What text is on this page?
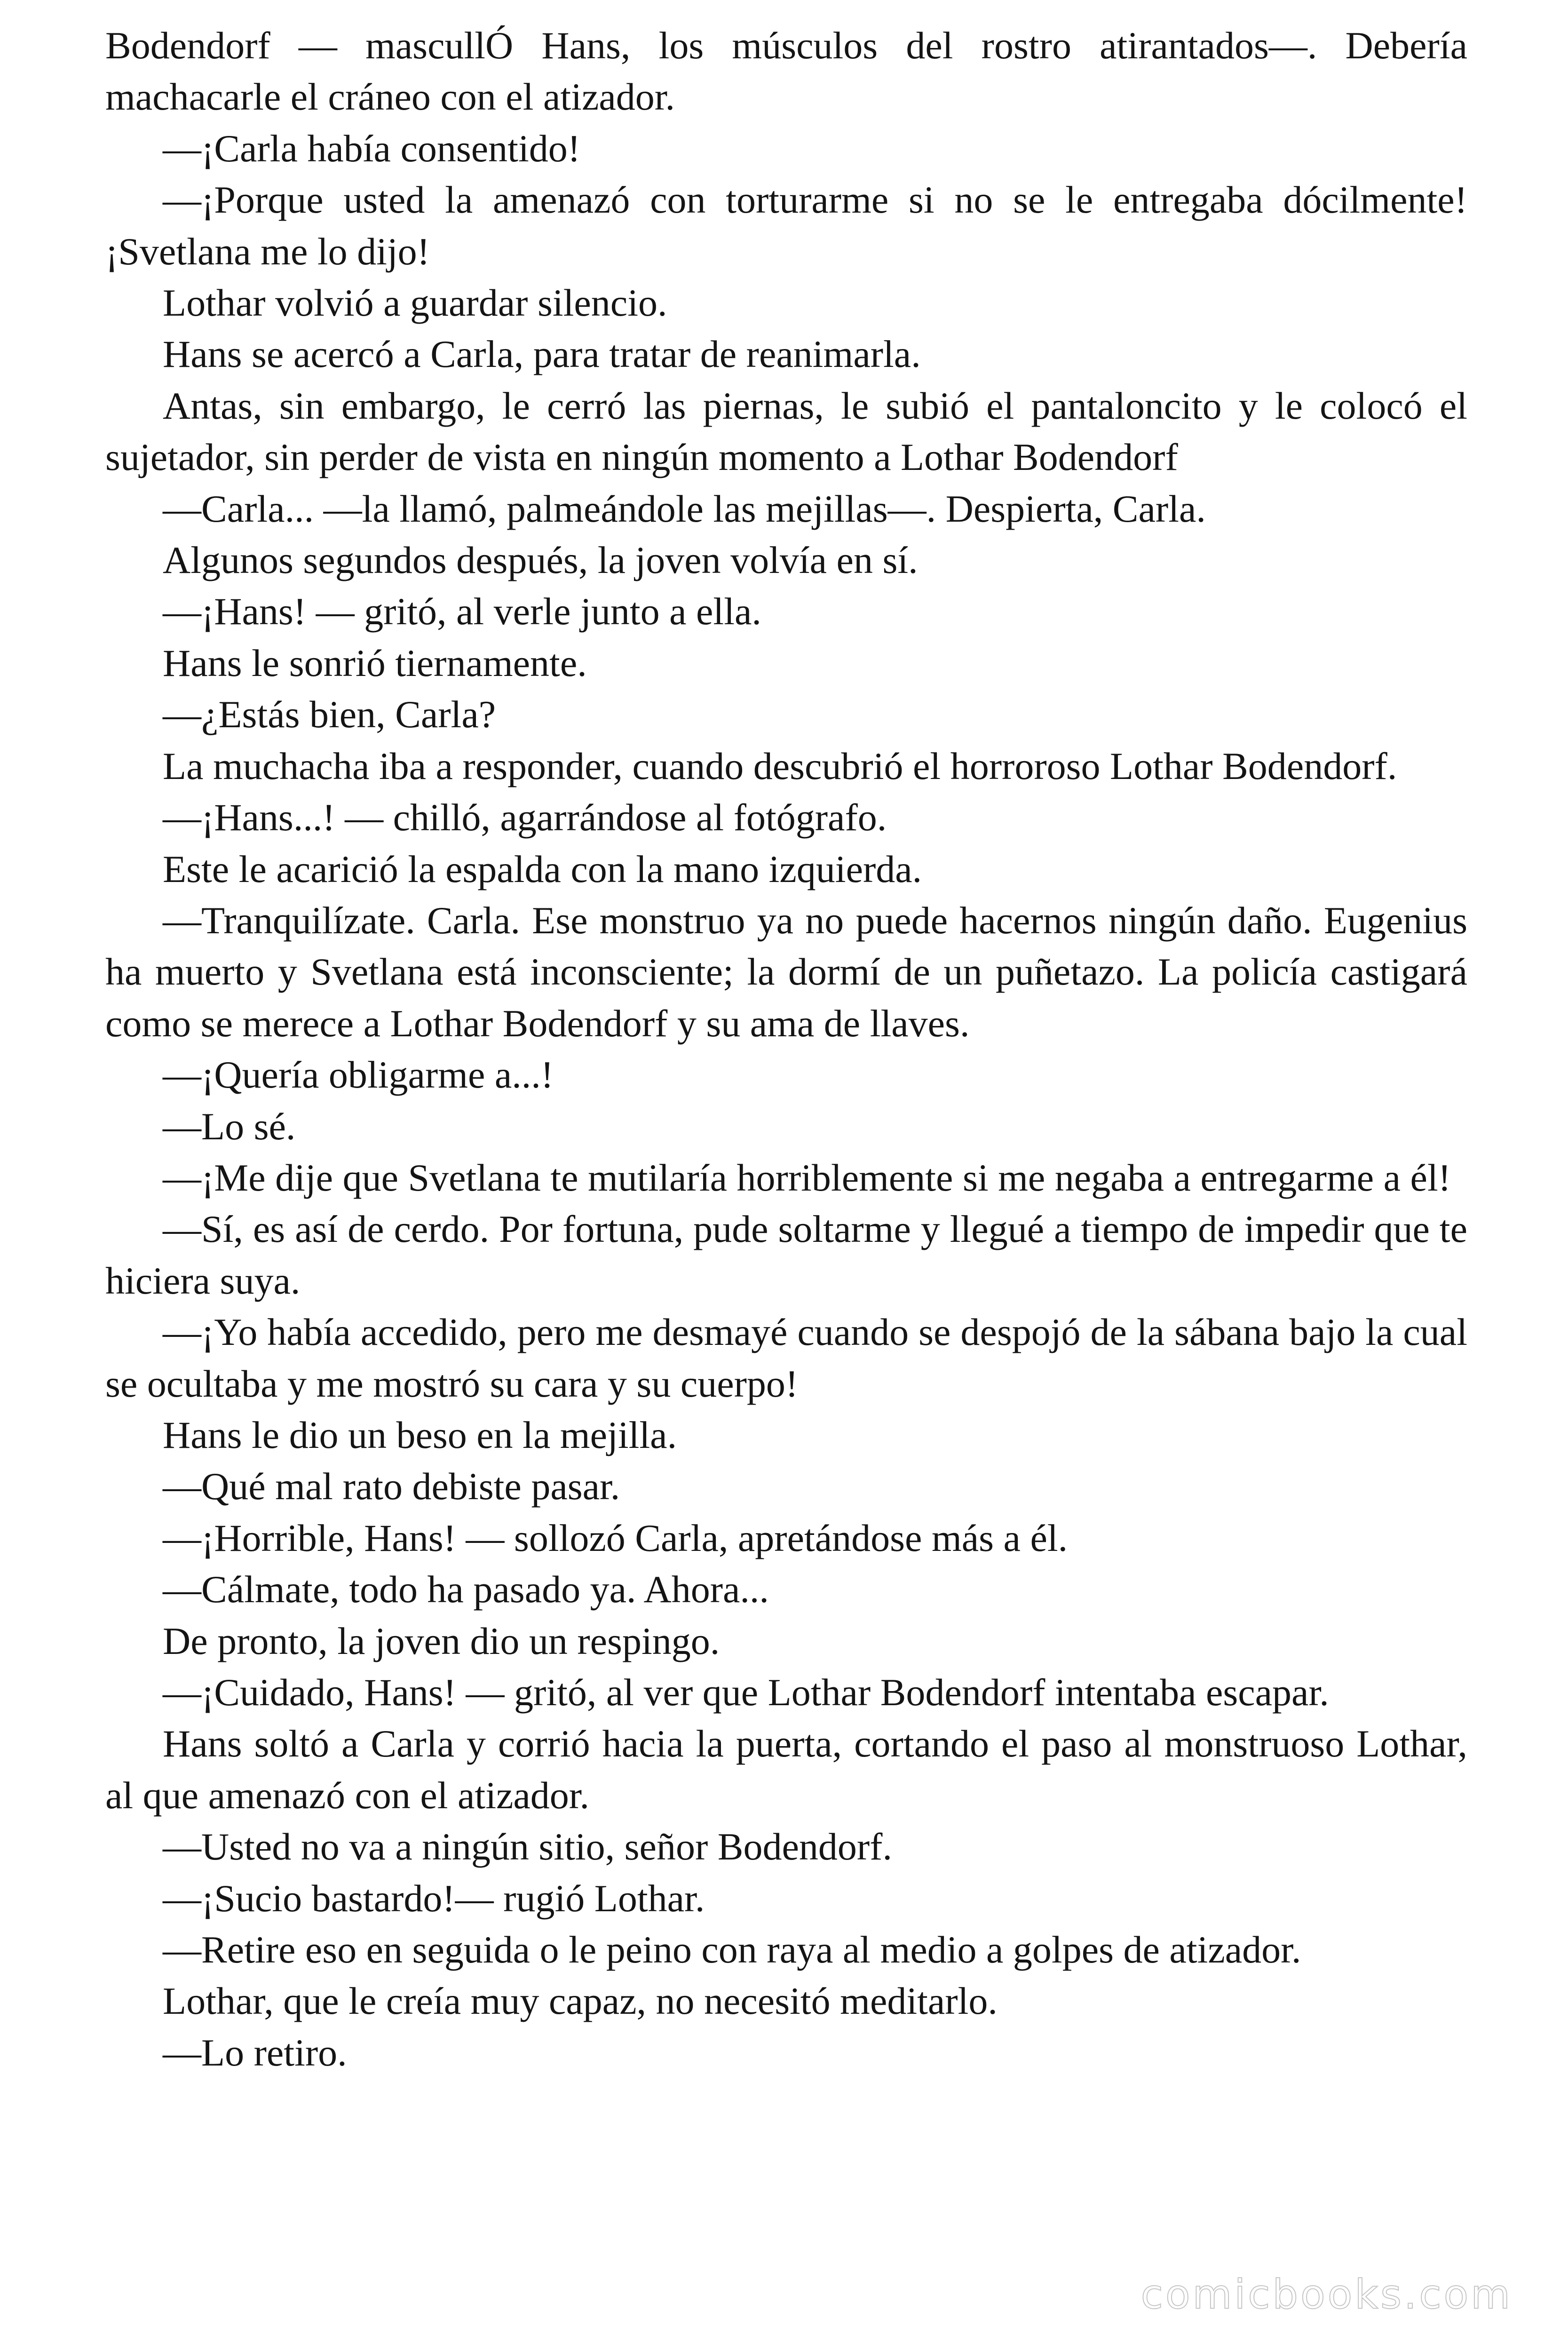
Bodendorf — mascullÓ Hans, los músculos del rostro atirantados—. Debería machacarle el cráneo con el atizador.

—¡Carla había consentido!

—¡Porque usted la amenazó con torturarme si no se le entregaba dócilmente! ¡Svetlana me lo dijo!

Lothar volvió a guardar silencio.

Hans se acercó a Carla, para tratar de reanimarla.

Antas, sin embargo, le cerró las piernas, le subió el pantaloncito y le colocó el sujetador, sin perder de vista en ningún momento a Lothar Bodendorf

—Carla... —la llamó, palmeándole las mejillas—. Despierta, Carla.

Algunos segundos después, la joven volvía en sí.

—¡Hans! — gritó, al verle junto a ella.

Hans le sonrió tiernamente.

—¿Estás bien, Carla?

La muchacha iba a responder, cuando descubrió el horroroso Lothar Bodendorf.

—¡Hans...! — chilló, agarrándose al fotógrafo.

Este le acarició la espalda con la mano izquierda.

—Tranquilízate. Carla. Ese monstruo ya no puede hacernos ningún daño. Eugenius ha muerto y Svetlana está inconsciente; la dormí de un puñetazo. La policía castigará como se merece a Lothar Bodendorf y su ama de llaves.

—¡Quería obligarme a...!

—Lo sé.

—¡Me dije que Svetlana te mutilaría horriblemente si me negaba a entregarme a él!

—Sí, es así de cerdo. Por fortuna, pude soltarme y llegué a tiempo de impedir que te hiciera suya.

—¡Yo había accedido, pero me desmayé cuando se despojó de la sábana bajo la cual se ocultaba y me mostró su cara y su cuerpo!

Hans le dio un beso en la mejilla.

—Qué mal rato debiste pasar.

—¡Horrible, Hans! — sollozó Carla, apretándose más a él.

—Cálmate, todo ha pasado ya. Ahora...

De pronto, la joven dio un respingo.

—¡Cuidado, Hans! — gritó, al ver que Lothar Bodendorf intentaba escapar.

Hans soltó a Carla y corrió hacia la puerta, cortando el paso al monstruoso Lothar, al que amenazó con el atizador.

—Usted no va a ningún sitio, señor Bodendorf.

—¡Sucio bastardo!— rugió Lothar.

—Retire eso en seguida o le peino con raya al medio a golpes de atizador.

Lothar, que le creía muy capaz, no necesitó meditarlo.

—Lo retiro.

comicbooks.com
